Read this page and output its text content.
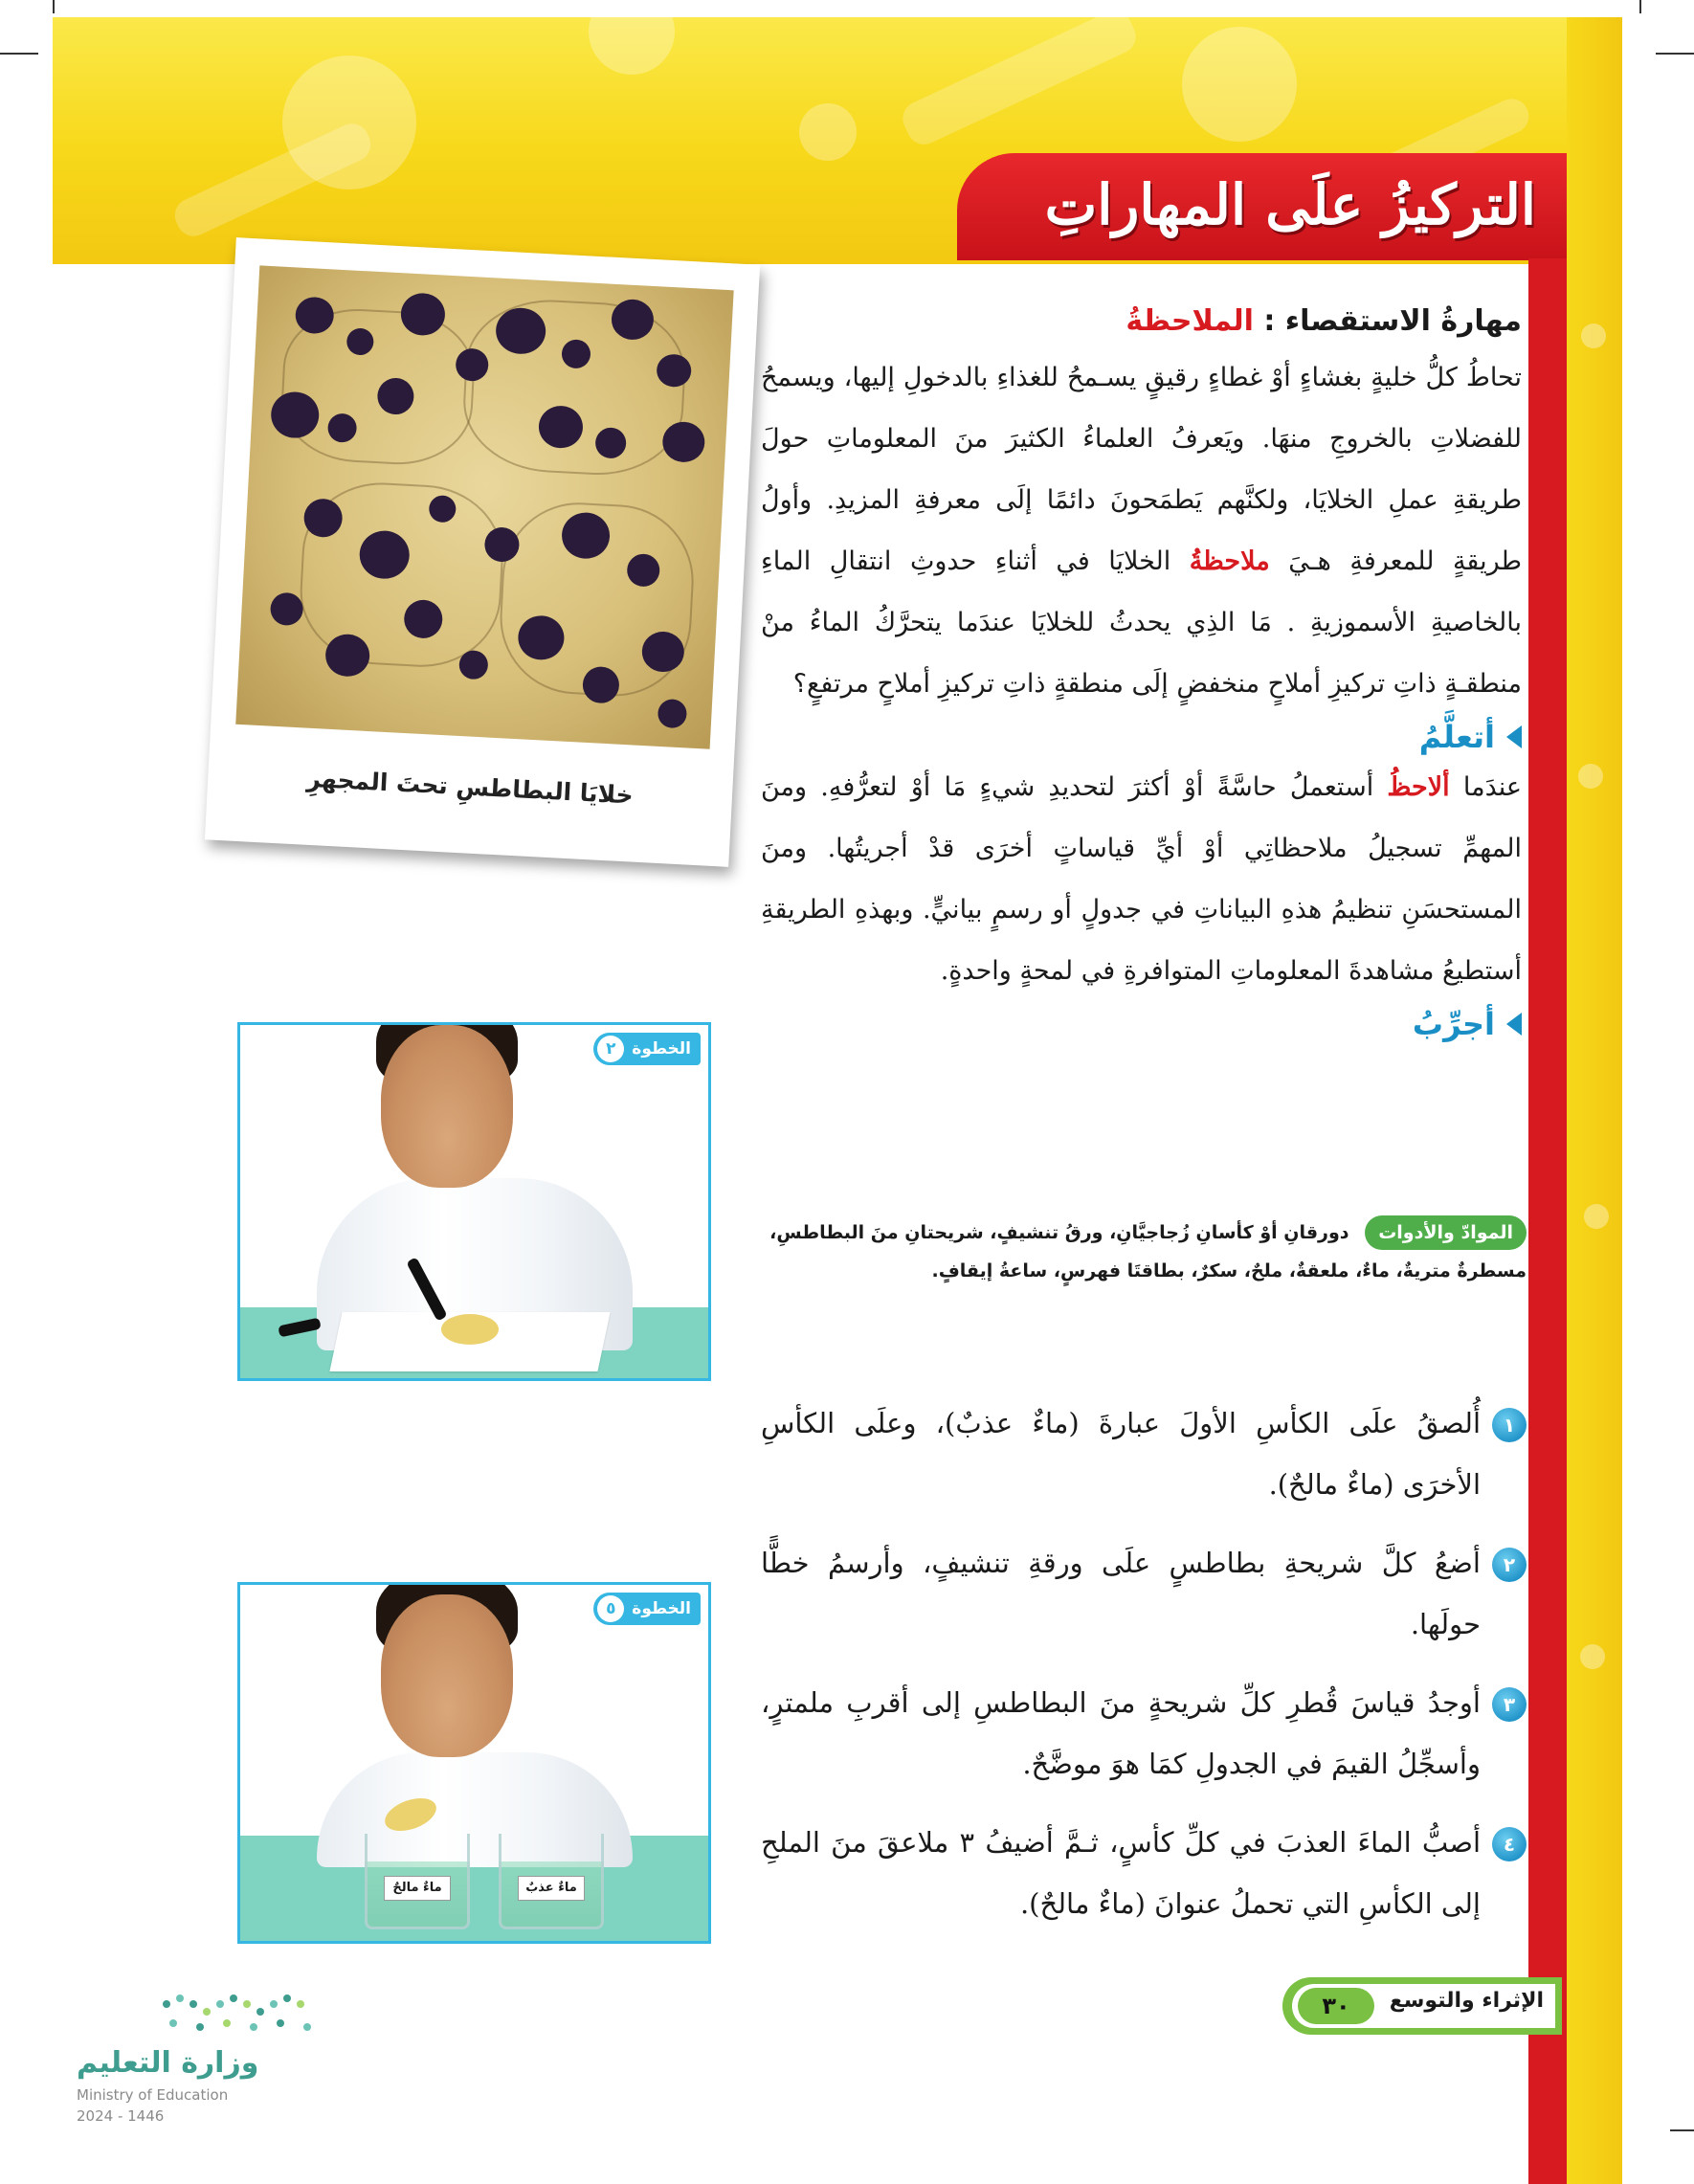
التركيزُ علَى المهاراتِ
خلايَا البطاطسِ تحتَ المجهرِ
الخطوة
٢
ماءٌ مالحٌ	ماءٌ عذبٌ
الخطوة
٥
مهارةُ الاستقصاء : الملاحظةُ

تحاطُ كلُّ خليةٍ بغشاءٍ أوْ غطاءٍ رقيقٍ يسـمحُ للغذاءِ بالدخولِ إليها، ويسمحُ للفضلاتِ بالخروجِ منهَا. ويَعرفُ العلماءُ الكثيرَ منَ المعلوماتِ حولَ طريقةِ عملِ الخلايَا، ولكنَّهم يَطمَحونَ دائمًا إلَى معرفةِ المزيدِ. وأولُ طريقةٍ للمعرفةِ هـيَ ملاحظةُ الخلايَا في أثناءِ حدوثِ انتقالِ الماءِ بالخاصيةِ الأسموزيةِ . مَا الذِي يحدثُ للخلايَا عندَما يتحرَّكُ الماءُ منْ منطقـةٍ ذاتِ تركيزِ أملاحٍ منخفضٍ إلَى منطقةٍ ذاتِ تركيزِ أملاحٍ مرتفعٍ؟

أتعلَّمُ

عندَما ألاحظُ أستعملُ حاسَّةً أوْ أكثرَ لتحديدِ شيءٍ مَا أوْ لتعرُّفهِ. ومنَ المهمِّ تسجيلُ ملاحظاتِي أوْ أيِّ قياساتٍ أخرَى قدْ أجريتُها. ومنَ المستحسَنِ تنظيمُ هذهِ البياناتِ في جدولٍ أو رسمٍ بيانيٍّ. وبهذهِ الطريقةِ أستطيعُ مشاهدةَ المعلوماتِ المتوافرةِ في لمحةٍ واحدةٍ.

أجرِّبُ
الموادّ والأدوات دورقانِ أوْ كأسانِ زُجاجيَّانِ، ورقُ تنشيفٍ، شريحتانِ منَ البطاطسِ، مسطرةٌ متريةٌ، ماءٌ، ملعقةٌ، ملحٌ، سكرٌ، بطاقتَا فهرسٍ، ساعةُ إيقافٍ.
١
أُلصقُ علَى الكأسِ الأولَ عبارةَ (ماءٌ عذبٌ)، وعلَى الكأسِ الأخرَى (ماءٌ مالحٌ).
٢
أضعُ كلَّ شريحةِ بطاطسٍ علَى ورقةِ تنشيفٍ، وأرسمُ خطًّا حولَها.
٣
أوجدُ قياسَ قُطرِ كلِّ شريحةٍ منَ البطاطسِ إلى أقربِ ملمترٍ، وأسجِّلُ القيمَ في الجدولِ كمَا هوَ موضَّحٌ.
٤
أصبُّ الماءَ العذبَ في كلِّ كأسٍ، ثـمَّ أضيفُ ٣ ملاعقَ منَ الملحِ إلى الكأسِ التي تحملُ عنوانَ (ماءٌ مالحٌ).
الإثراء والتوسع
٣٠
وزارة التعليم
Ministry of Education
2024 - 1446
